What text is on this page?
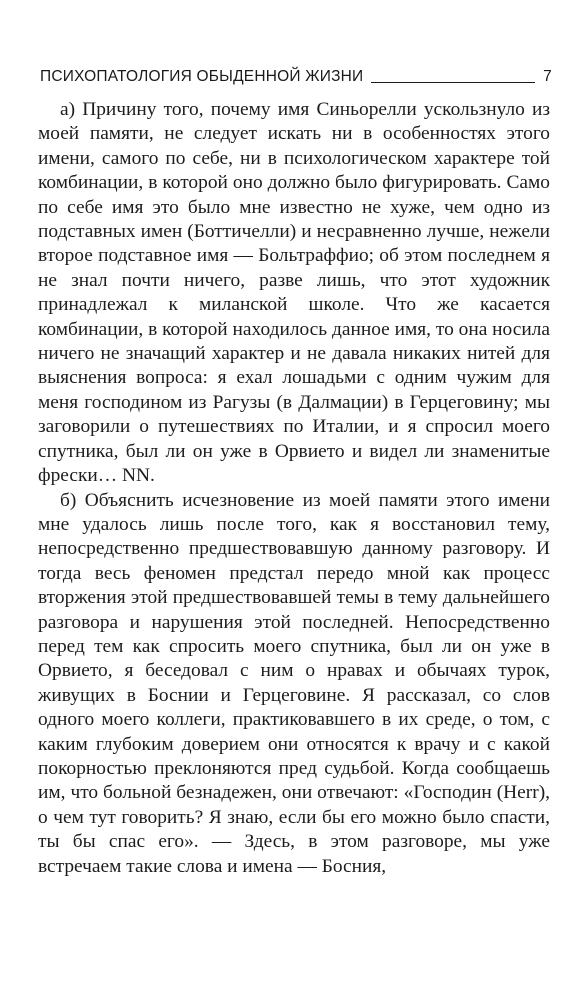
ПСИХОПАТОЛОГИЯ ОБЫДЕННОЙ ЖИЗНИ	7

а) Причину того, почему имя Синьорелли ускользнуло из моей памяти, не следует искать ни в особенностях этого имени, самого по себе, ни в психологическом характере той комбинации, в которой оно должно было фигурировать. Само по себе имя это было мне известно не хуже, чем одно из подставных имен (Боттичелли) и несравненно лучше, нежели второе подставное имя — Больтраффио; об этом последнем я не знал почти ничего, разве лишь, что этот художник принадлежал к миланской школе. Что же касается комбинации, в которой находилось данное имя, то она носила ничего не значащий характер и не давала никаких нитей для выяснения вопроса: я ехал лошадьми с одним чужим для меня господином из Рагузы (в Далмации) в Герцеговину; мы заговорили о путешествиях по Италии, и я спросил моего спутника, был ли он уже в Орвието и видел ли знаменитые фрески… NN.

б) Объяснить исчезновение из моей памяти этого имени мне удалось лишь после того, как я восстановил тему, непосредственно предшествовавшую данному разговору. И тогда весь феномен предстал передо мной как процесс вторжения этой предшествовавшей темы в тему дальнейшего разговора и нарушения этой последней. Непосредственно перед тем как спросить моего спутника, был ли он уже в Орвието, я беседовал с ним о нравах и обычаях турок, живущих в Боснии и Герцеговине. Я рассказал, со слов одного моего коллеги, практиковавшего в их среде, о том, с каким глубоким доверием они относятся к врачу и с какой покорностью преклоняются пред судьбой. Когда сообщаешь им, что больной безнадежен, они отвечают: «Господин (Herr), о чем тут говорить? Я знаю, если бы его можно было спасти, ты бы спас его». — Здесь, в этом разговоре, мы уже встречаем такие слова и имена — Босния,
